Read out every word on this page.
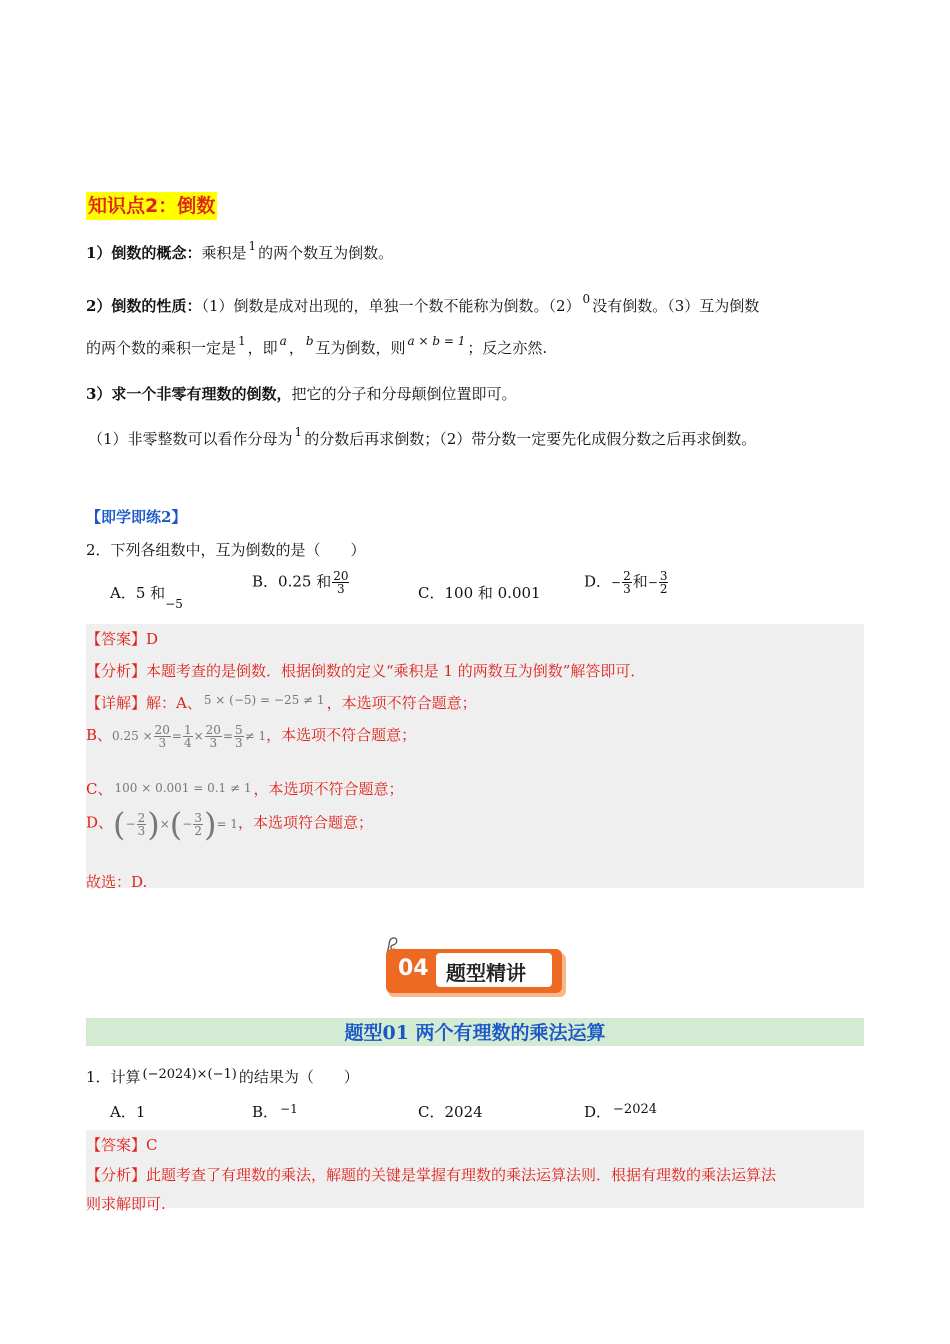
知识点2：倒数
1）倒数的概念：乘积是 $^1$ 的两个数互为倒数。
2）倒数的性质：（1）倒数是成对出现的，单独一个数不能称为倒数。（2） $^0$ 没有倒数。（3）互为倒数
的两个数的乘积一定是 $^1$ ，即 $^a$ ， $^b$ 互为倒数，则 $^{a \times b = 1}$ ；反之亦然.
3）求一个非零有理数的倒数，把它的分子和分母颠倒位置即可。
（1）非零整数可以看作分母为 $^1$ 的分数后再求倒数；（2）带分数一定要先化成假分数之后再求倒数。
【即学即练2】
2．下列各组数中，互为倒数的是（　　）
A．5 和$_{-5}$
B．0.25 和 $\frac{20}{3}$	C．100 和 0.001
D．− $\frac{2}{3}$ 和− $\frac{3}{2}$
【答案】D
【分析】本题考查的是倒数．根据倒数的定义“乘积是 1 的两数互为倒数”解答即可．
【详解】解：A、 $^{5 \times (-5) = -25 \ne 1}$ ，本选项不符合题意；
B、$0.25 \times \frac{20}{3} = \frac{1}{4} \times \frac{20}{3} = \frac{5}{3} \ne 1$，本选项不符合题意；
C、 100 × 0.001 = 0.1 ≠ 1 ，本选项不符合题意；
D、(− $\frac{2}{3}$ )×(− $\frac{3}{2}$ )= 1，本选项符合题意；
故选：D.
04 题型精讲
题型01 两个有理数的乘法运算
1．计算 (−2024)×(−1) 的结果为（　　）
A．1	B． $^{-1}$	C．2024	D． −2024
【答案】C
【分析】此题考查了有理数的乘法，解题的关键是掌握有理数的乘法运算法则．根据有理数的乘法运算法
则求解即可.
